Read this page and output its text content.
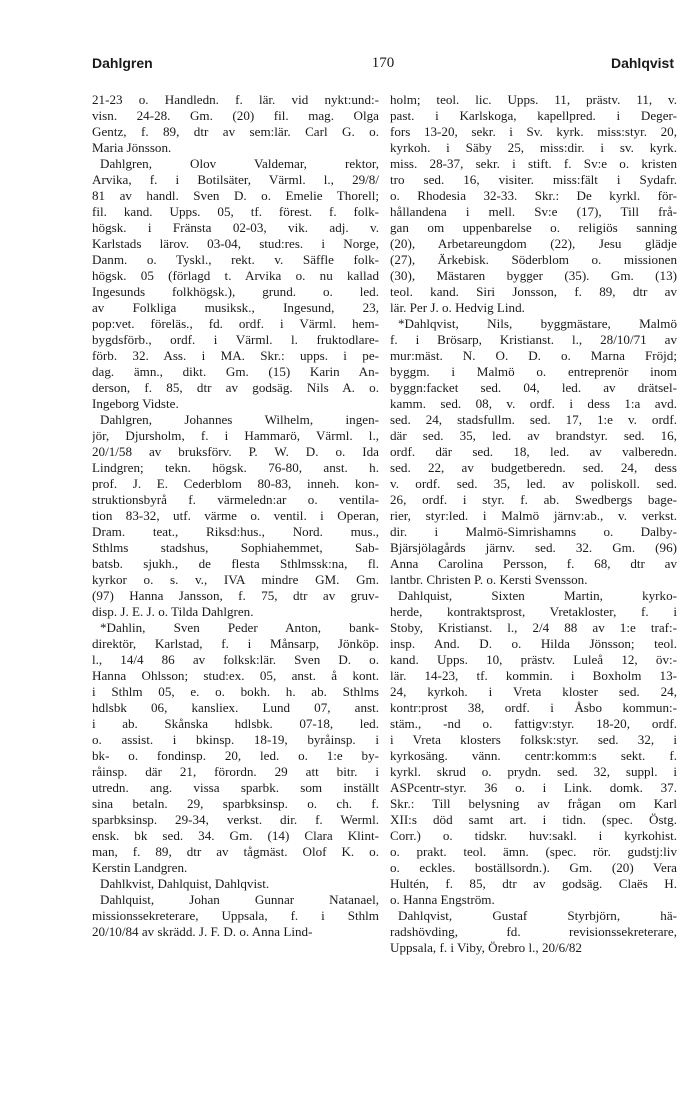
Dahlgren	170	Dahlqvist
21-23 o. Handledn. f. lär. vid nykt:und:-
visn. 24-28. Gm. (20) fil. mag. Olga
Gentz, f. 89, dtr av sem:lär. Carl G. o.
Maria Jönsson.
Dahlgren, Olov Valdemar, rektor,
Arvika, f. i Botilsäter, Värml. l., 29/8/
81 av handl. Sven D. o. Emelie Thorell;
fil. kand. Upps. 05, tf. förest. f. folk-
högsk. i Fränsta 02-03, vik. adj. v.
Karlstads lärov. 03-04, stud:res. i Norge,
Danm. o. Tyskl., rekt. v. Säffle folk-
högsk. 05 (förlagd t. Arvika o. nu kallad
Ingesunds folkhögsk.), grund. o. led.
av Folkliga musiksk., Ingesund, 23,
pop:vet. föreläs., fd. ordf. i Värml. hem-
bygdsförb., ordf. i Värml. l. fruktodlare-
förb. 32. Ass. i MA. Skr.: upps. i pe-
dag. ämn., dikt. Gm. (15) Karin An-
derson, f. 85, dtr av godsäg. Nils A. o.
Ingeborg Vidste.
Dahlgren, Johannes Wilhelm, ingen-
jör, Djursholm, f. i Hammarö, Värml. l.,
20/1/58 av bruksförv. P. W. D. o. Ida
Lindgren; tekn. högsk. 76-80, anst. h.
prof. J. E. Cederblom 80-83, inneh. kon-
struktionsbyrå f. värmeledn:ar o. ventila-
tion 83-32, utf. värme o. ventil. i Operan,
Dram. teat., Riksd:hus., Nord. mus.,
Sthlms stadshus, Sophiahemmet, Sab-
batsb. sjukh., de flesta Sthlmssk:na, fl.
kyrkor o. s. v., IVA mindre GM. Gm.
(97) Hanna Jansson, f. 75, dtr av gruv-
disp. J. E. J. o. Tilda Dahlgren.
*Dahlin, Sven Peder Anton, bank-
direktör, Karlstad, f. i Månsarp, Jönköp.
l., 14/4 86 av folksk:lär. Sven D. o.
Hanna Ohlsson; stud:ex. 05, anst. å kont.
i Sthlm 05, e. o. bokh. h. ab. Sthlms
hdlsbk 06, kansliex. Lund 07, anst.
i ab. Skånska hdlsbk. 07-18, led.
o. assist. i bkinsp. 18-19, byråinsp. i
bk- o. fondinsp. 20, led. o. 1:e by-
råinsp. där 21, förordn. 29 att bitr. i
utredn. ang. vissa sparbk. som inställt
sina betaln. 29, sparbksinsp. o. ch. f.
sparbksinsp. 29-34, verkst. dir. f. Werml.
ensk. bk sed. 34. Gm. (14) Clara Klint-
man, f. 89, dtr av tågmäst. Olof K. o.
Kerstin Landgren.
Dahlkvist, Dahlquist, Dahlqvist.
Dahlquist, Johan Gunnar Natanael,
missionssekreterare, Uppsala, f. i Sthlm
20/10/84 av skrädd. J. F. D. o. Anna Lind-
holm; teol. lic. Upps. 11, prästv. 11, v.
past. i Karlskoga, kapellpred. i Deger-
fors 13-20, sekr. i Sv. kyrk. miss:styr. 20,
kyrkoh. i Säby 25, miss:dir. i sv. kyrk.
miss. 28-37, sekr. i stift. f. Sv:e o. kristen
tro sed. 16, visiter. miss:fält i Sydafr.
o. Rhodesia 32-33. Skr.: De kyrkl. för-
hållandena i mell. Sv:e (17), Till frå-
gan om uppenbarelse o. religiös sanning
(20), Arbetareungdom (22), Jesu glädje
(27), Ärkebisk. Söderblom o. missionen
(30), Mästaren bygger (35). Gm. (13)
teol. kand. Siri Jonsson, f. 89, dtr av
lär. Per J. o. Hedvig Lind.
*Dahlqvist, Nils, byggmästare, Malmö
f. i Brösarp, Kristianst. l., 28/10/71 av
mur:mäst. N. O. D. o. Marna Fröjd;
byggm. i Malmö o. entreprenör inom
byggn:facket sed. 04, led. av drätsel-
kamm. sed. 08, v. ordf. i dess 1:a avd.
sed. 24, stadsfullm. sed. 17, 1:e v. ordf.
där sed. 35, led. av brandstyr. sed. 16,
ordf. där sed. 18, led. av valberedn.
sed. 22, av budgetberedn. sed. 24, dess
v. ordf. sed. 35, led. av poliskoll. sed.
26, ordf. i styr. f. ab. Swedbergs bage-
rier, styr:led. i Malmö järnv:ab., v. verkst.
dir. i Malmö-Simrishamns o. Dalby-
Bjärsjölagårds järnv. sed. 32. Gm. (96)
Anna Carolina Persson, f. 68, dtr av
lantbr. Christen P. o. Kersti Svensson.
Dahlquist, Sixten Martin, kyrko-
herde, kontraktsprost, Vretakloster, f. i
Stoby, Kristianst. l., 2/4 88 av 1:e traf:-
insp. And. D. o. Hilda Jönsson; teol.
kand. Upps. 10, prästv. Luleå 12, öv:-
lär. 14-23, tf. kommin. i Boxholm 13-
24, kyrkoh. i Vreta kloster sed. 24,
kontr:prost 38, ordf. i Åsbo kommun:-
stäm., -nd o. fattigv:styr. 18-20, ordf.
i Vreta klosters folksk:styr. sed. 32, i
kyrkosäng. vänn. centr:komm:s sekt. f.
kyrkl. skrud o. prydn. sed. 32, suppl. i
ASPcentr-styr. 36 o. i Link. domk. 37.
Skr.: Till belysning av frågan om Karl
XII:s död samt art. i tidn. (spec. Östg.
Corr.) o. tidskr. huv:sakl. i kyrkohist.
o. prakt. teol. ämn. (spec. rör. gudstj:liv
o. eckles. boställsordn.). Gm. (20) Vera
Hultén, f. 85, dtr av godsäg. Claës H.
o. Hanna Engström.
Dahlqvist, Gustaf Styrbjörn, hä-
radshövding, fd. revisionssekreterare,
Uppsala, f. i Viby, Örebro l., 20/6/82
